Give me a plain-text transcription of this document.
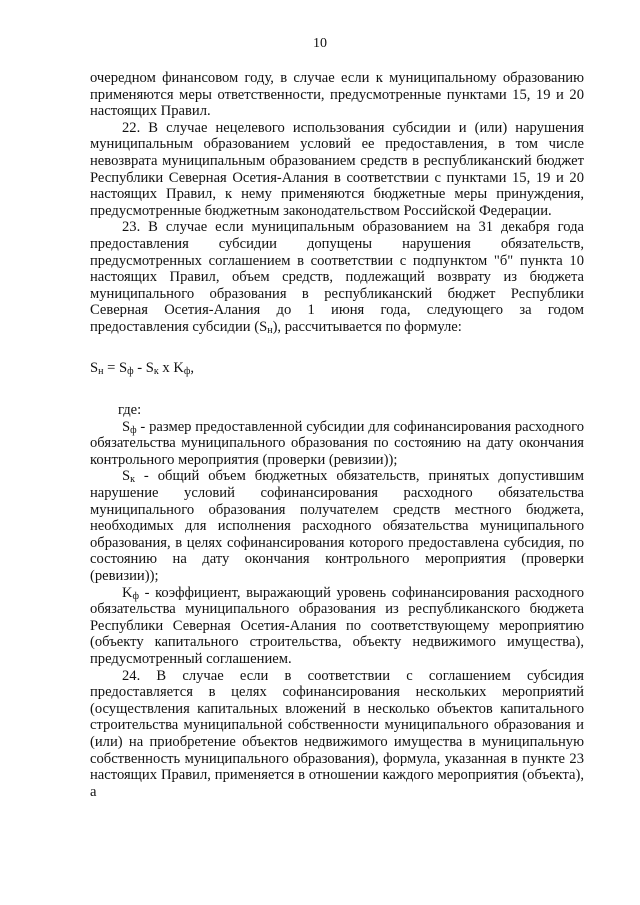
10

очередном финансовом году, в случае если к муниципальному образованию применяются меры ответственности, предусмотренные пунктами 15, 19 и 20 настоящих Правил.

22. В случае нецелевого использования субсидии и (или) нарушения муниципальным образованием условий ее предоставления, в том числе невозврата муниципальным образованием средств в республиканский бюджет Республики Северная Осетия-Алания в соответствии с пунктами 15, 19 и 20 настоящих Правил, к нему применяются бюджетные меры принуждения, предусмотренные бюджетным законодательством Российской Федерации.

23. В случае если муниципальным образованием на 31 декабря года предоставления субсидии допущены нарушения обязательств, предусмотренных соглашением в соответствии с подпунктом "б" пункта 10 настоящих Правил, объем средств, подлежащий возврату из бюджета муниципального образования в республиканский бюджет Республики Северная Осетия-Алания до 1 июня года, следующего за годом предоставления субсидии $(S_н)$, рассчитывается по формуле:

$S_н = S_ф - S_к$ x $K_ф$,

где:

$S_ф$ - размер предоставленной субсидии для софинансирования расходного обязательства муниципального образования по состоянию на дату окончания контрольного мероприятия (проверки (ревизии));

$S_к$ - общий объем бюджетных обязательств, принятых допустившим нарушение условий софинансирования расходного обязательства муниципального образования получателем средств местного бюджета, необходимых для исполнения расходного обязательства муниципального образования, в целях софинансирования которого предоставлена субсидия, по состоянию на дату окончания контрольного мероприятия (проверки (ревизии));

$K_ф$ - коэффициент, выражающий уровень софинансирования расходного обязательства муниципального образования из республиканского бюджета Республики Северная Осетия-Алания по соответствующему мероприятию (объекту капитального строительства, объекту недвижимого имущества), предусмотренный соглашением.

24. В случае если в соответствии с соглашением субсидия предоставляется в целях софинансирования нескольких мероприятий (осуществления капитальных вложений в несколько объектов капитального строительства муниципальной собственности муниципального образования и (или) на приобретение объектов недвижимого имущества в муниципальную собственность муниципального образования), формула, указанная в пункте 23 настоящих Правил, применяется в отношении каждого мероприятия (объекта), а
